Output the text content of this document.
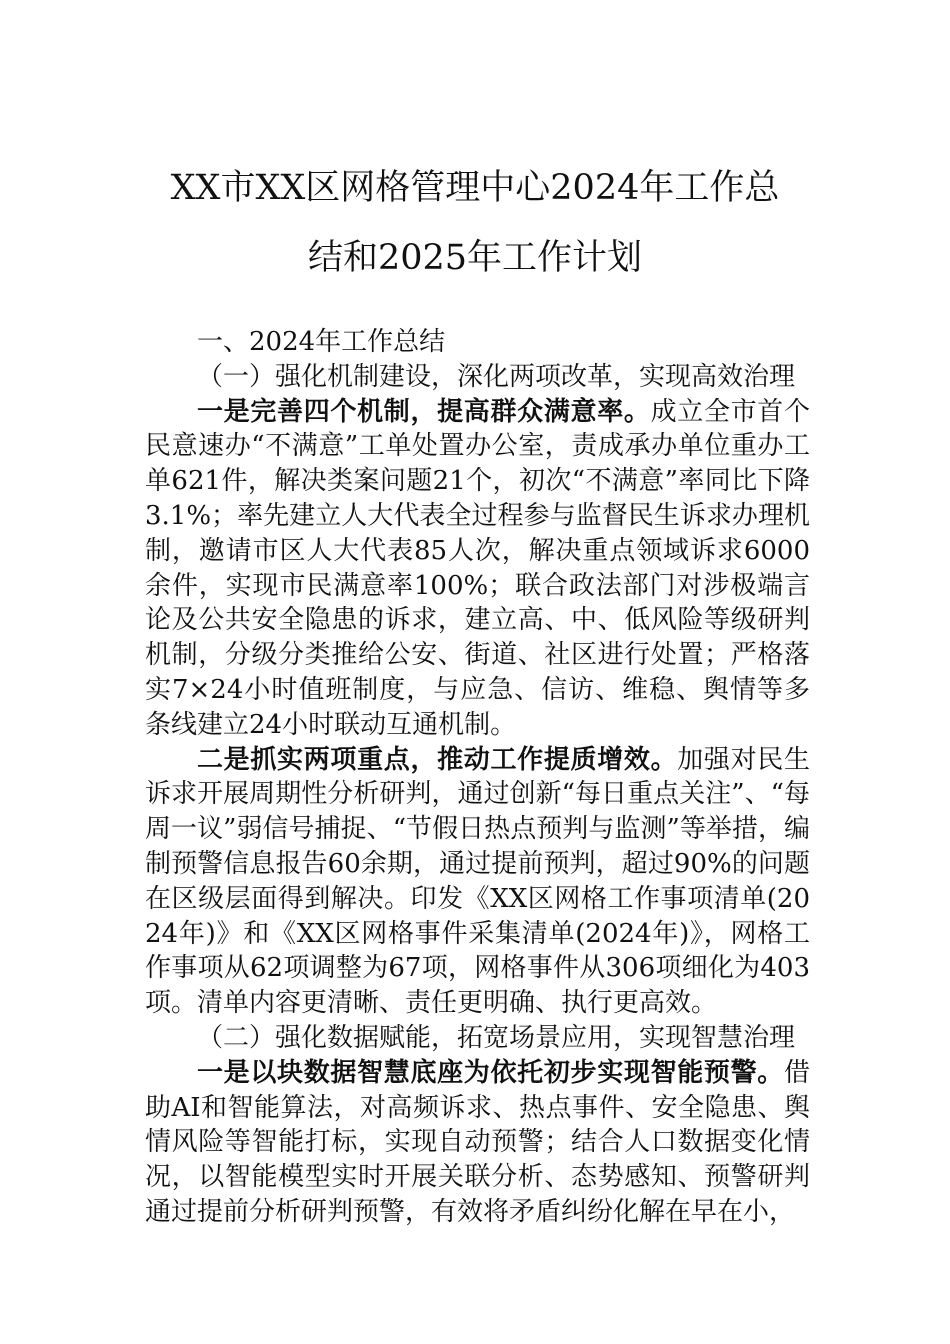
XX市XX区网格管理中心2024年工作总
结和2025年工作计划

一、2024年工作总结

（一）强化机制建设，深化两项改革，实现高效治理

一是完善四个机制，提高群众满意率。成立全市首个民意速办“不满意”工单处置办公室，责成承办单位重办工单621件，解决类案问题21个，初次“不满意”率同比下降3.1%；率先建立人大代表全过程参与监督民生诉求办理机制，邀请市区人大代表85人次，解决重点领域诉求6000余件，实现市民满意率100%；联合政法部门对涉极端言论及公共安全隐患的诉求，建立高、中、低风险等级研判机制，分级分类推给公安、街道、社区进行处置；严格落实7×24小时值班制度，与应急、信访、维稳、舆情等多条线建立24小时联动互通机制。

二是抓实两项重点，推动工作提质增效。加强对民生诉求开展周期性分析研判，通过创新“每日重点关注”、“每周一议”弱信号捕捉、“节假日热点预判与监测”等举措，编制预警信息报告60余期，通过提前预判，超过90%的问题在区级层面得到解决。印发《XX区网格工作事项清单(2024年)》和《XX区网格事件采集清单(2024年)》，网格工作事项从62项调整为67项，网格事件从306项细化为403项。清单内容更清晰、责任更明确、执行更高效。

（二）强化数据赋能，拓宽场景应用，实现智慧治理

一是以块数据智慧底座为依托初步实现智能预警。借助AI和智能算法，对高频诉求、热点事件、安全隐患、舆情风险等智能打标，实现自动预警；结合人口数据变化情况，以智能模型实时开展关联分析、态势感知、预警研判通过提前分析研判预警，有效将矛盾纠纷化解在早在小，
